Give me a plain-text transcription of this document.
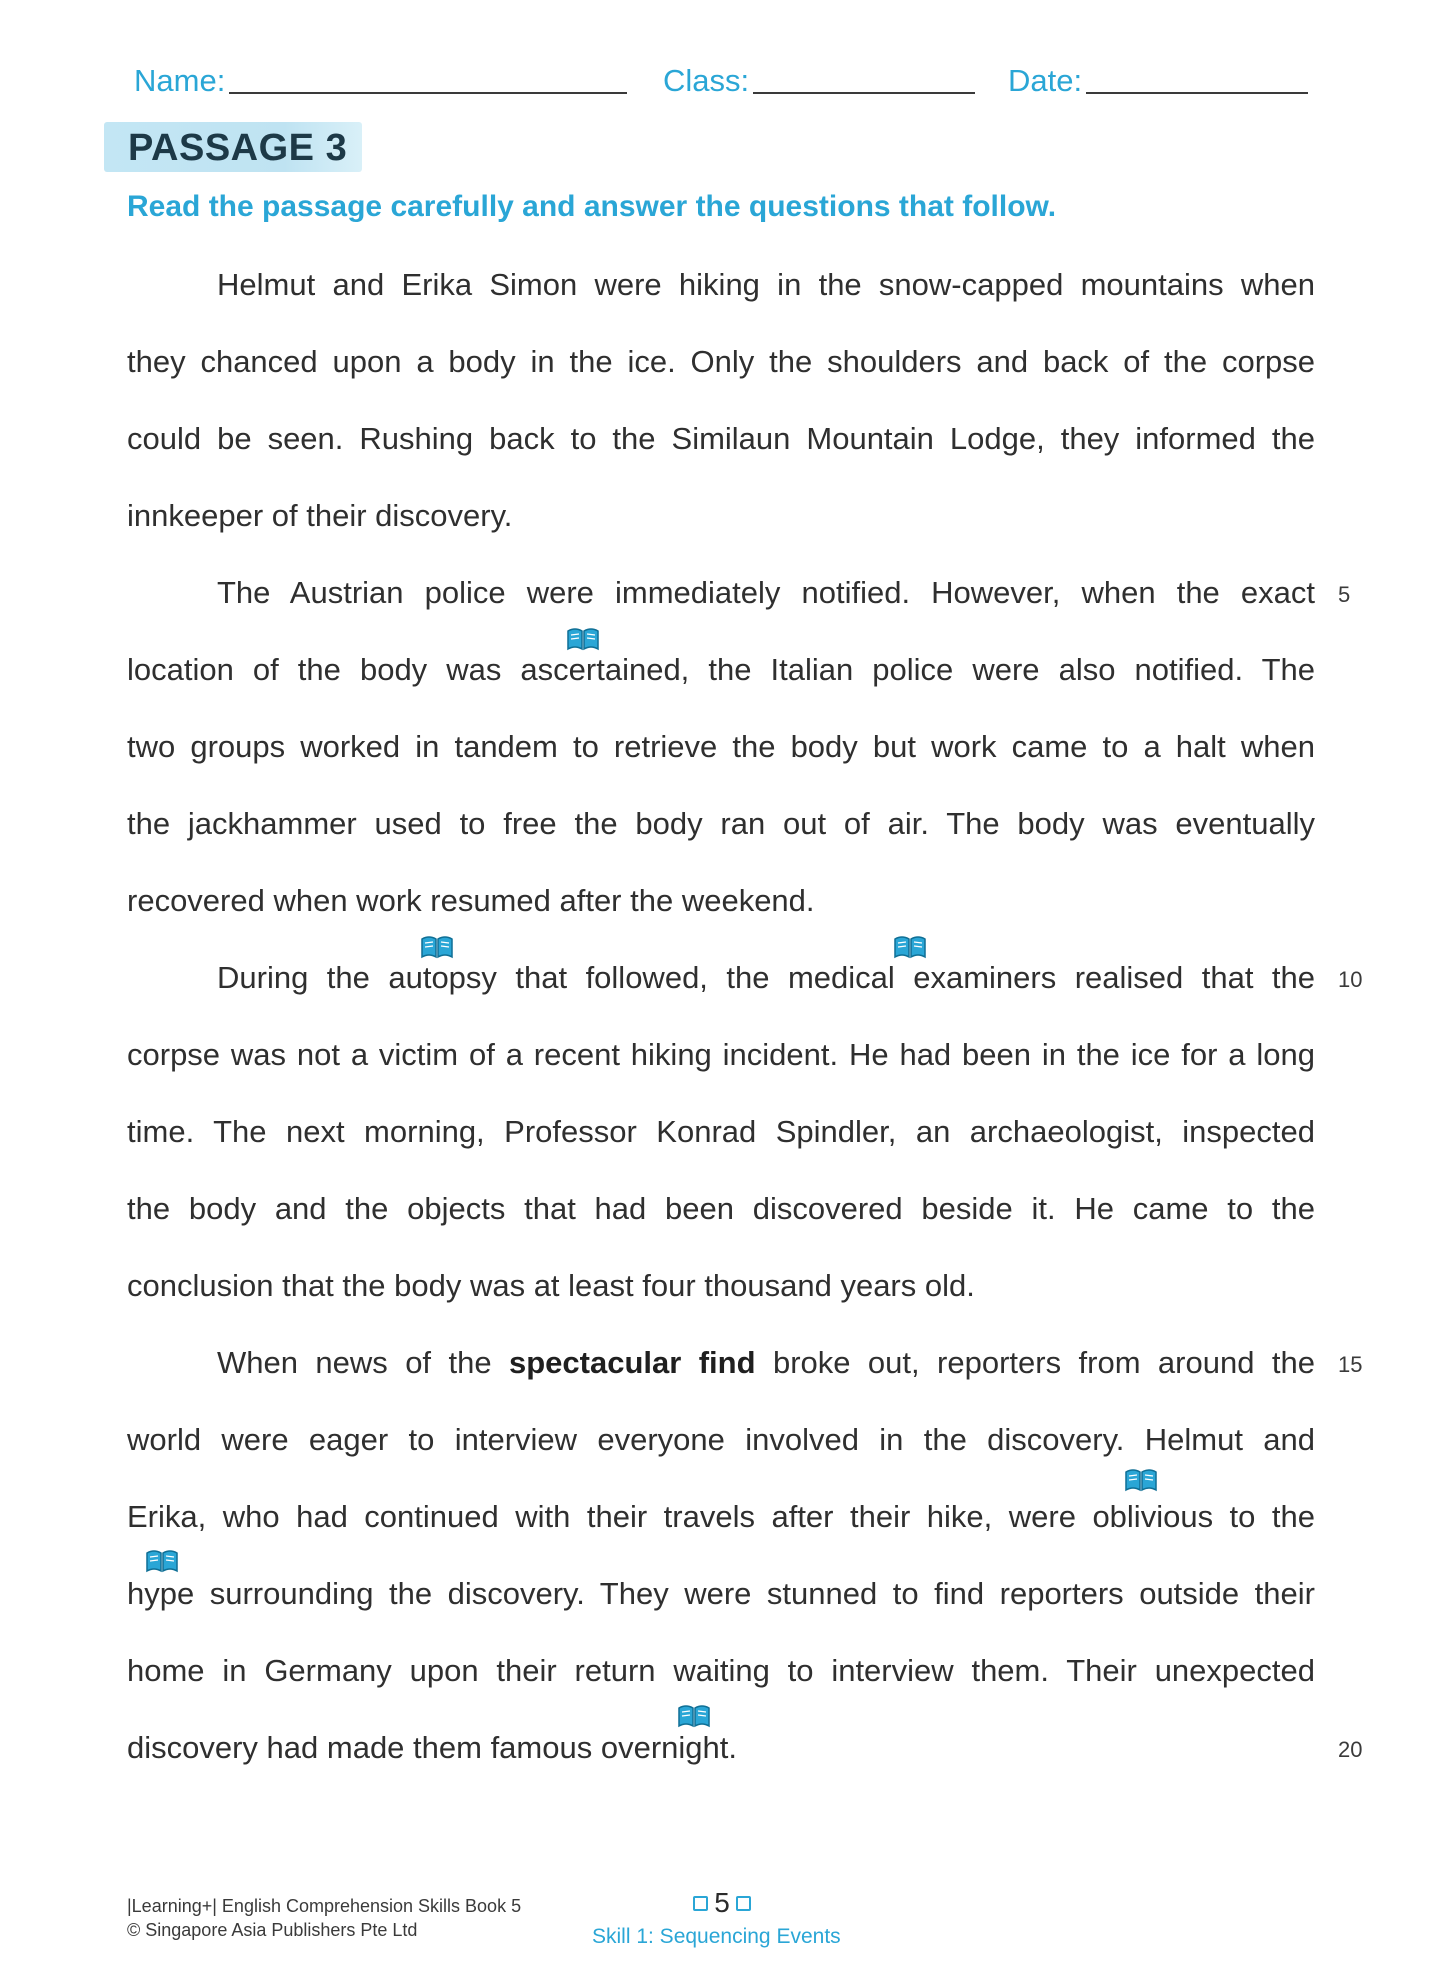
Name:	Class:	Date:
PASSAGE 3
Read the passage carefully and answer the questions that follow.
Helmut and Erika Simon were hiking in the snow-capped mountains when
they chanced upon a body in the ice. Only the shoulders and back of the corpse
could be seen. Rushing back to the Similaun Mountain Lodge, they informed the
innkeeper of their discovery.
The Austrian police were immediately notified. However, when the exact
location of the body was ascertained, the Italian police were also notified. The
two groups worked in tandem to retrieve the body but work came to a halt when
the jackhammer used to free the body ran out of air. The body was eventually
recovered when work resumed after the weekend.
During the autopsy that followed, the medical examiners realised that the
corpse was not a victim of a recent hiking incident. He had been in the ice for a long
time. The next morning, Professor Konrad Spindler, an archaeologist, inspected
the body and the objects that had been discovered beside it. He came to the
conclusion that the body was at least four thousand years old.
When news of the spectacular find broke out, reporters from around the
world were eager to interview everyone involved in the discovery. Helmut and
Erika, who had continued with their travels after their hike, were oblivious to the
hype surrounding the discovery. They were stunned to find reporters outside their
home in Germany upon their return waiting to interview them. Their unexpected
discovery had made them famous overnight.
5
10
15
20
|Learning+| English Comprehension Skills Book 5
© Singapore Asia Publishers Pte Ltd
5
Skill 1: Sequencing Events
